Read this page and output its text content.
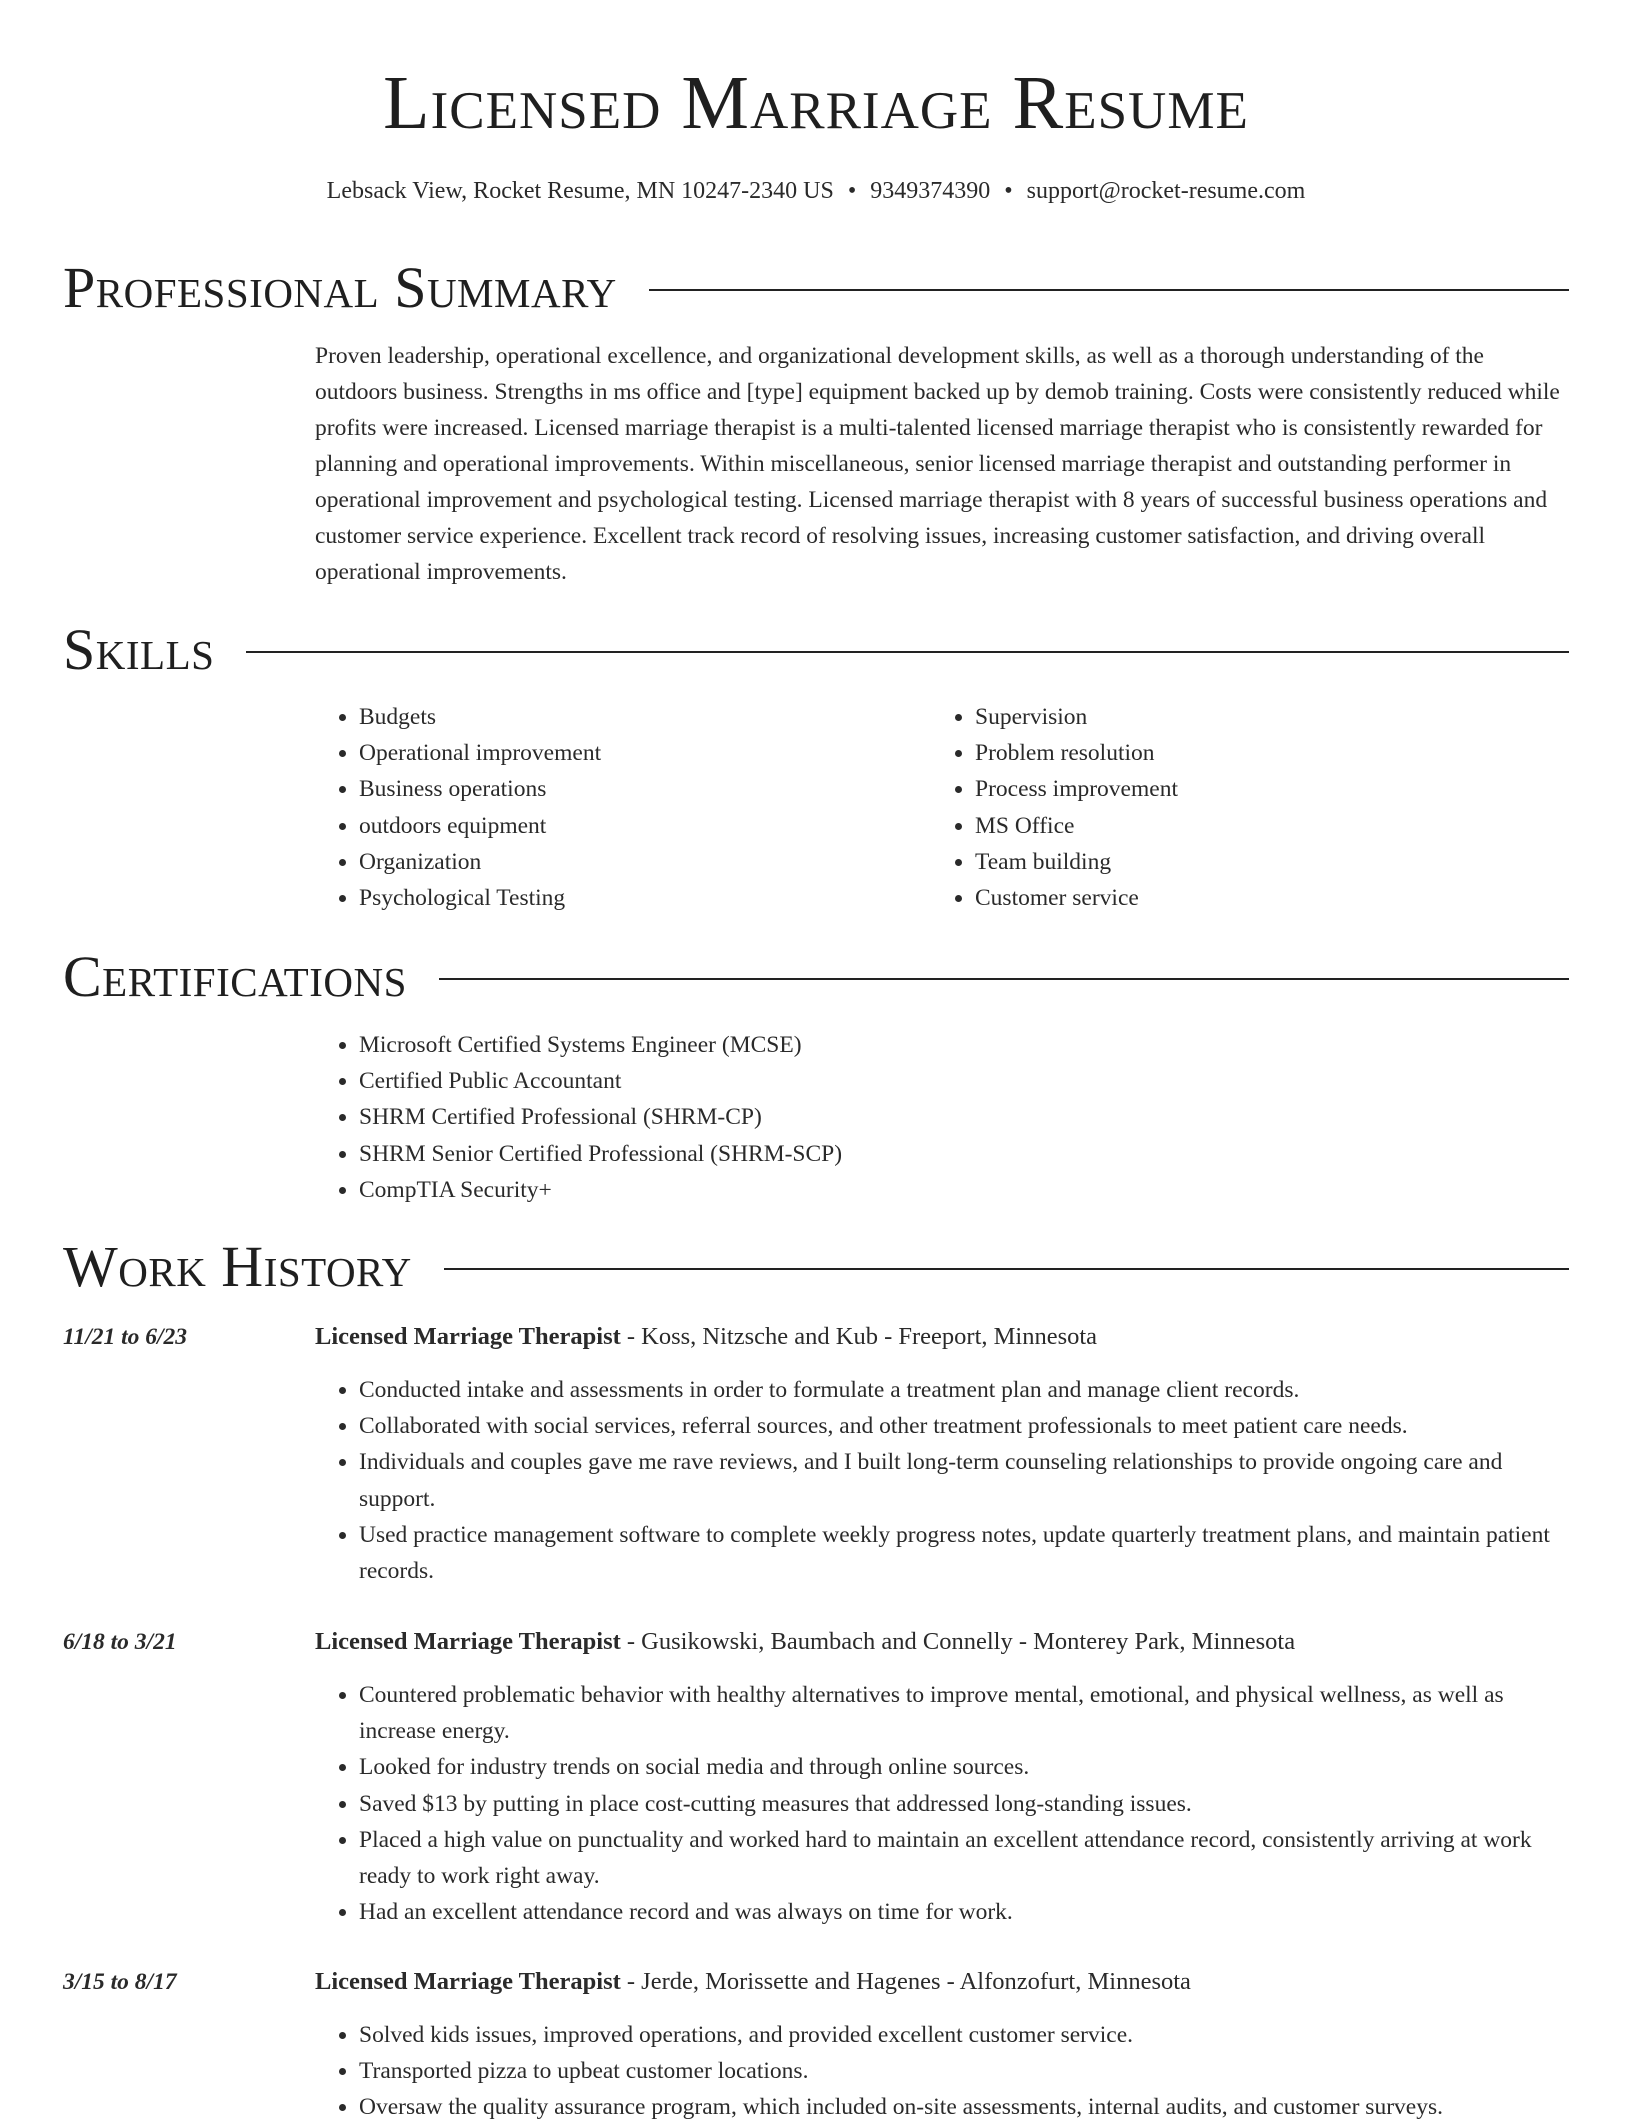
Licensed Marriage Resume
Lebsack View, Rocket Resume, MN 10247-2340 US • 9349374390 • support@rocket-resume.com
Professional Summary

Proven leadership, operational excellence, and organizational development skills, as well as a thorough understanding of the outdoors business. Strengths in ms office and [type] equipment backed up by demob training. Costs were consistently reduced while profits were increased. Licensed marriage therapist is a multi-talented licensed marriage therapist who is consistently rewarded for planning and operational improvements. Within miscellaneous, senior licensed marriage therapist and outstanding performer in operational improvement and psychological testing. Licensed marriage therapist with 8 years of successful business operations and customer service experience. Excellent track record of resolving issues, increasing customer satisfaction, and driving overall operational improvements.

Skills
• Budgets
• Operational improvement
• Business operations
• outdoors equipment
• Organization
• Psychological Testing
• Supervision
• Problem resolution
• Process improvement
• MS Office
• Team building
• Customer service
Certifications
• Microsoft Certified Systems Engineer (MCSE)
• Certified Public Accountant
• SHRM Certified Professional (SHRM-CP)
• SHRM Senior Certified Professional (SHRM-SCP)
• CompTIA Security+
Work History
11/21 to 6/23	Licensed Marriage Therapist - Koss, Nitzsche and Kub - Freeport, Minnesota
• Conducted intake and assessments in order to formulate a treatment plan and manage client records.
• Collaborated with social services, referral sources, and other treatment professionals to meet patient care needs.
• Individuals and couples gave me rave reviews, and I built long-term counseling relationships to provide ongoing care and support.
• Used practice management software to complete weekly progress notes, update quarterly treatment plans, and maintain patient records.
6/18 to 3/21	Licensed Marriage Therapist - Gusikowski, Baumbach and Connelly - Monterey Park, Minnesota
• Countered problematic behavior with healthy alternatives to improve mental, emotional, and physical wellness, as well as increase energy.
• Looked for industry trends on social media and through online sources.
• Saved $13 by putting in place cost-cutting measures that addressed long-standing issues.
• Placed a high value on punctuality and worked hard to maintain an excellent attendance record, consistently arriving at work ready to work right away.
• Had an excellent attendance record and was always on time for work.
3/15 to 8/17	Licensed Marriage Therapist - Jerde, Morissette and Hagenes - Alfonzofurt, Minnesota
• Solved kids issues, improved operations, and provided excellent customer service.
• Transported pizza to upbeat customer locations.
• Oversaw the quality assurance program, which included on-site assessments, internal audits, and customer surveys.
